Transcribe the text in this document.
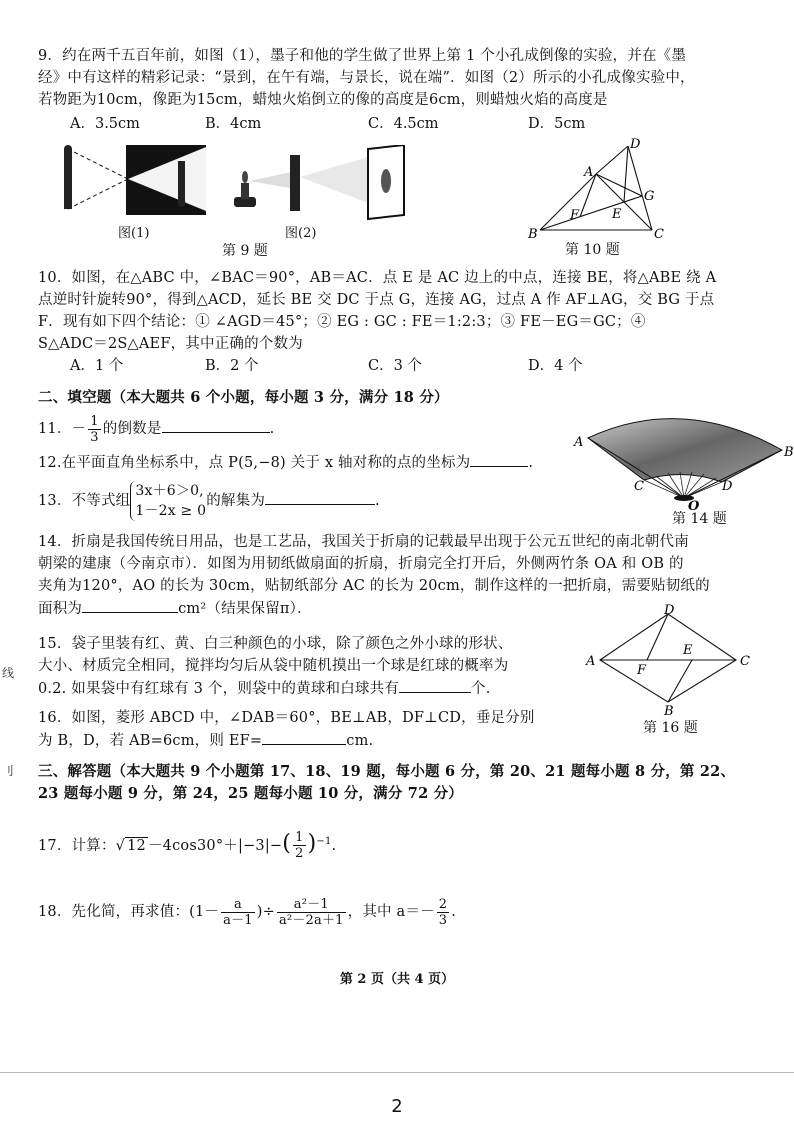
9．约在两千五百年前，如图（1），墨子和他的学生做了世界上第 1 个小孔成倒像的实验，并在《墨
经》中有这样的精彩记录：“景到，在午有端，与景长，说在端”．如图（2）所示的小孔成像实验中，
若物距为10cm，像距为15cm，蜡烛火焰倒立的像的高度是6cm，则蜡烛火焰的高度是
A．3.5cm	B．4cm	C．4.5cm	D．5cm
图(1)	图(2)
第 9 题
D
A
G
F	E
B	C
第 10 题
10．如图，在△ABC 中，∠BAC＝90°，AB＝AC．点 E 是 AC 边上的中点，连接 BE，将△ABE 绕 A
点逆时针旋转90°，得到△ACD，延长 BE 交 DC 于点 G，连接 AG，过点 A 作 AF⊥AG，交 BG 于点
F．现有如下四个结论：① ∠AGD＝45°；② EG : GC : FE＝1:2:3；③ FE－EG＝GC；④
S△ADC＝2S△AEF，其中正确的个数为
A．1 个	B．2 个	C．3 个	D．4 个
二、填空题（本大题共 6 个小题，每小题 3 分，满分 18 分）
11．－ $\frac{1}{3}$ 的倒数是	.
12.在平面直角坐标系中，点 P(5,−8) 关于 x 轴对称的点的坐标为	.
13．不等式组
3x＋6＞0,
1－2x ≥ 0
的解集为	.
A
B
C	D
O
第 14 题
14．折扇是我国传统日用品，也是工艺品，我国关于折扇的记载最早出现于公元五世纪的南北朝代南
朝梁的建康（今南京市）．如图为用韧纸做扇面的折扇，折扇完全打开后，外侧两竹条 OA 和 OB 的
夹角为120°，AO 的长为 30cm，贴韧纸部分 AC 的长为 20cm，制作这样的一把折扇，需要贴韧纸的
面积为	cm²（结果保留π）．	D
A
E
C
F
B
第 16 题
15．袋子里装有红、黄、白三种颜色的小球，除了颜色之外小球的形状、
大小、材质完全相同，搅拌均匀后从袋中随机摸出一个球是红球的概率为
0.2. 如果袋中有红球有 3 个，则袋中的黄球和白球共有	个.
16．如图，菱形 ABCD 中，∠DAB＝60°，BE⊥AB，DF⊥CD，垂足分别
为 B，D，若 AB=6cm，则 EF=	cm.
三、解答题（本大题共 9 个小题第 17、18、19 题，每小题 6 分，第 20、21 题每小题 8 分，第 22、
23 题每小题 9 分，第 24，25 题每小题 10 分，满分 72 分）
17．计算：√ $12 -4\cos 30^\circ+|-3|-( \frac{1}{2} )^{-1}$.
18．先化简，再求值：($1- \frac{a}{a-1}$ )÷ $\frac{\text{a²－1}}{\text{a²－2a＋1}}$ ，其中 $a=- \frac{2}{3}$ .
线
刂
第 2 页（共 4 页）
2
